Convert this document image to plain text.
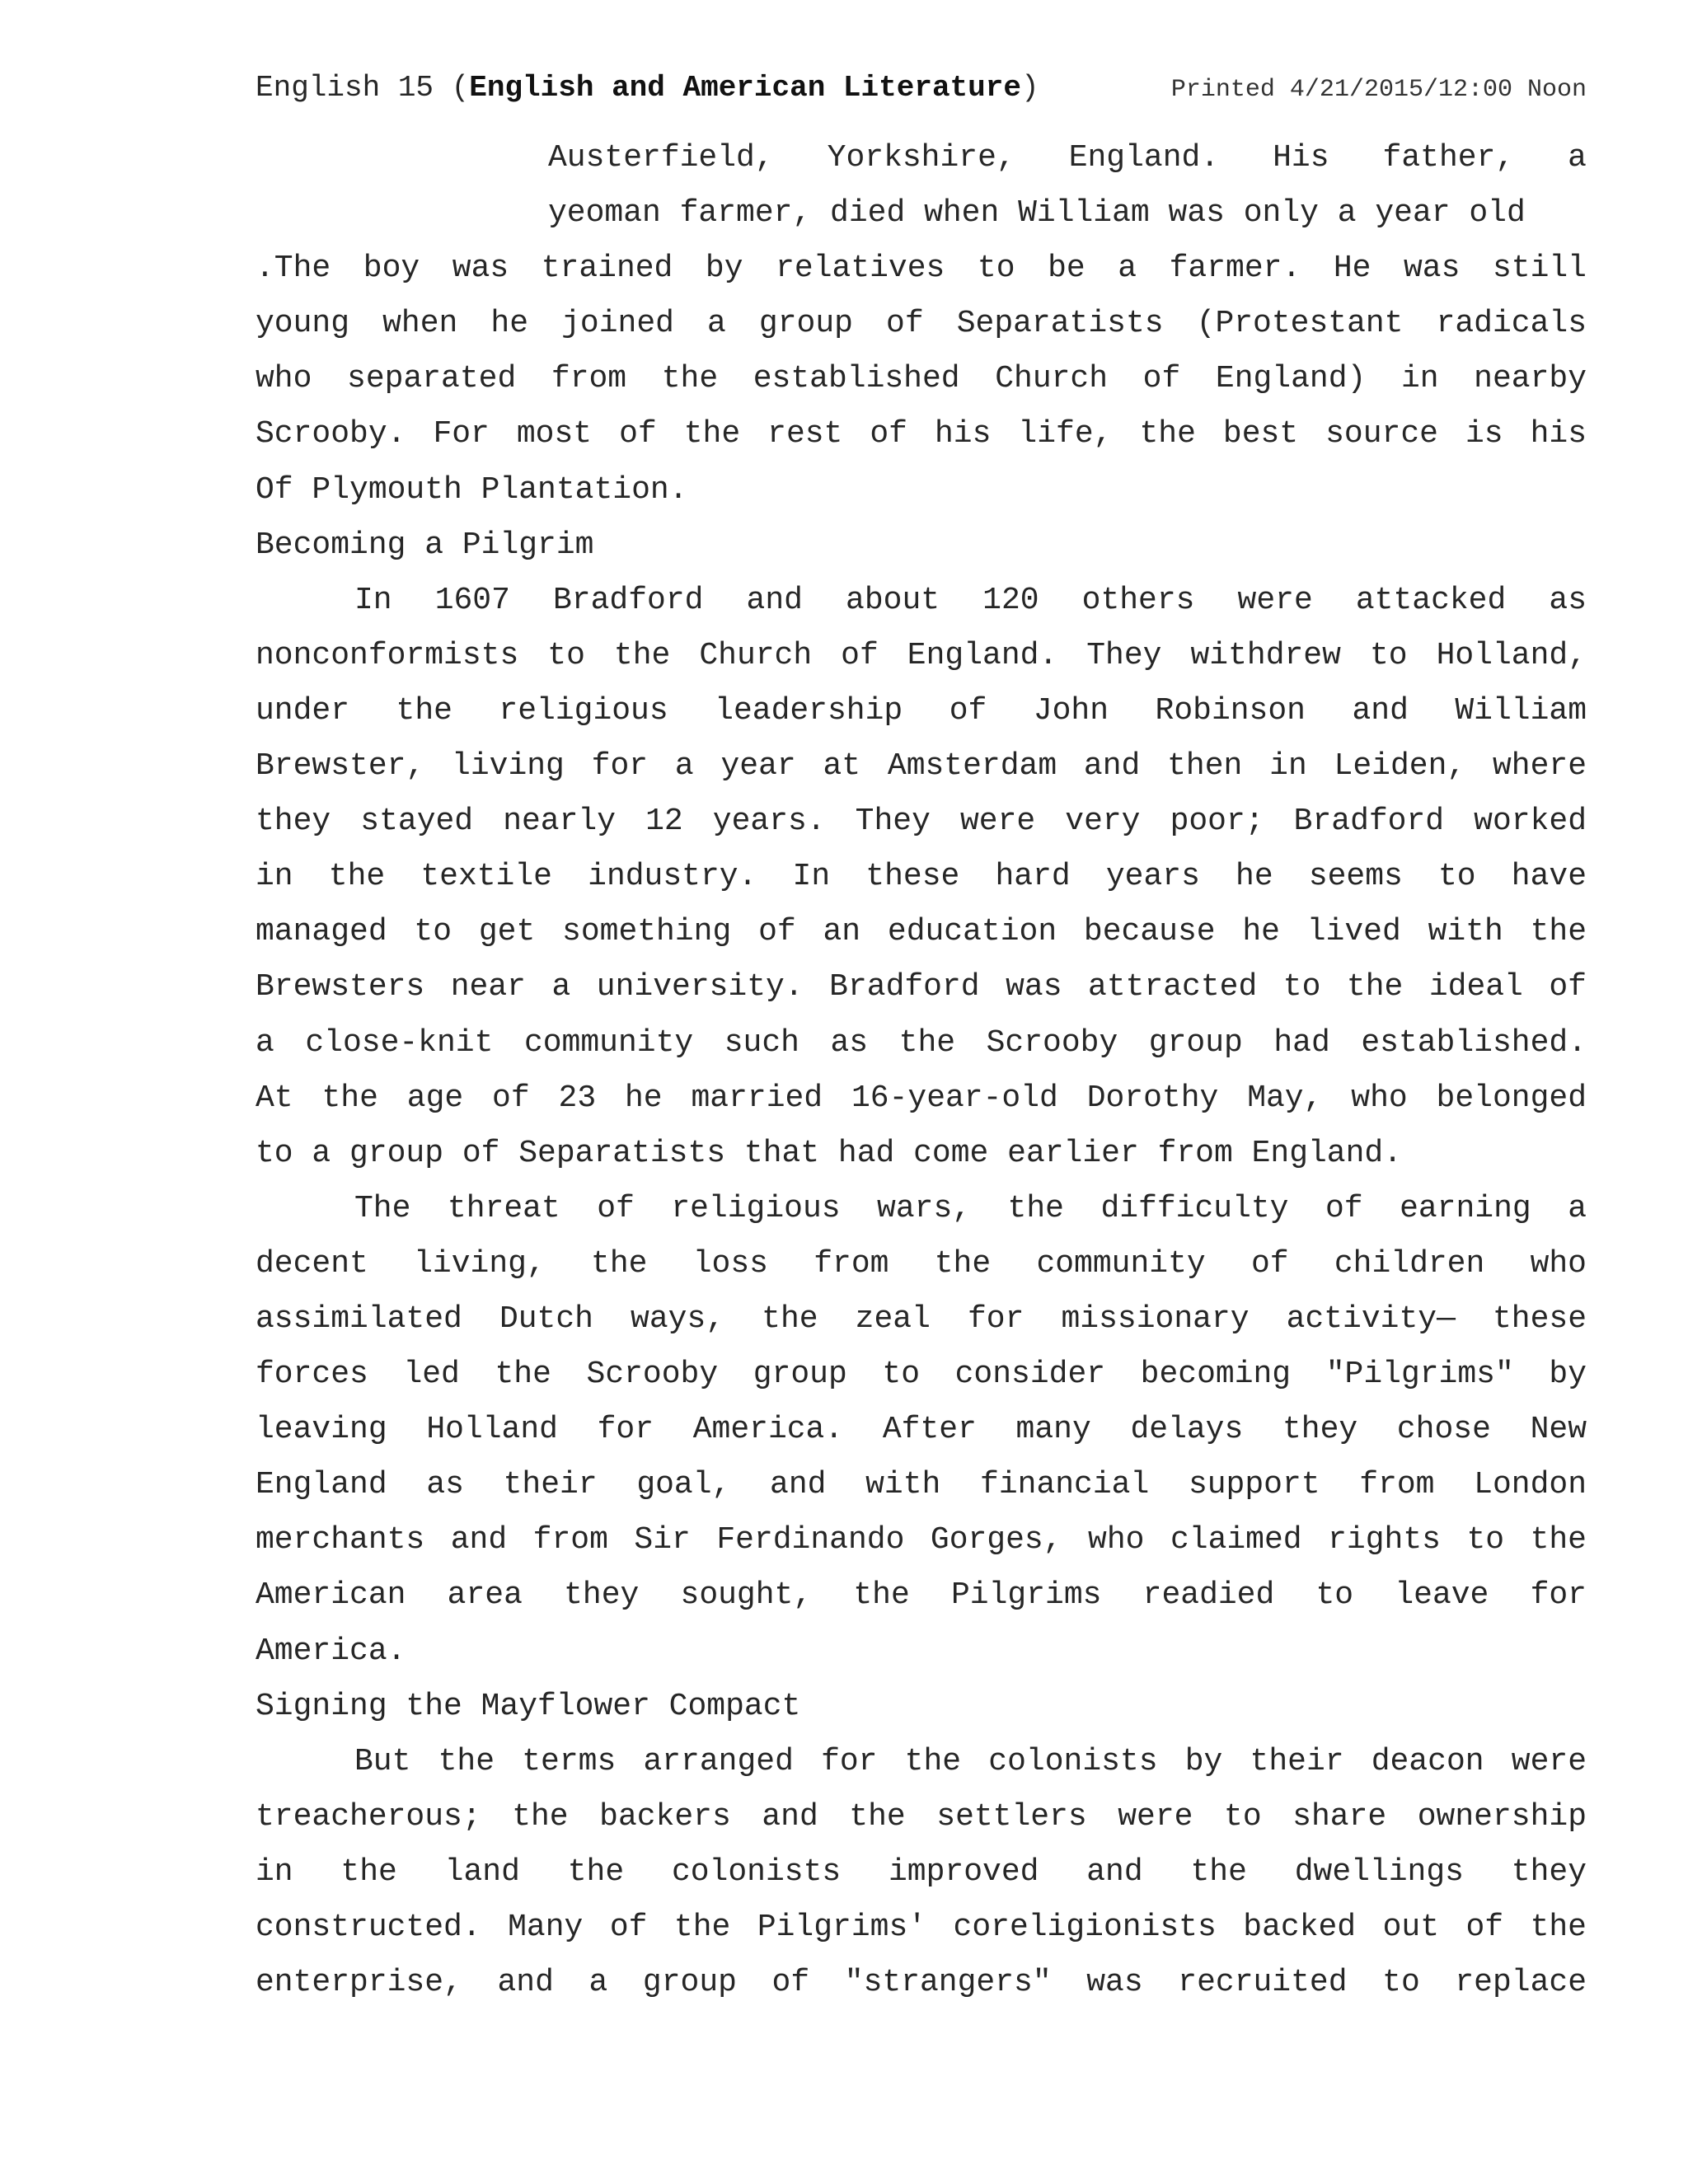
English 15 (English and American Literature)	Printed 4/21/2015/12:00 Noon
Austerfield, Yorkshire, England. His father, a
yeoman farmer, died when William was only a year old
.The boy was trained by relatives to be a farmer. He was still
young when he joined a group of Separatists (Protestant radicals
who separated from the established Church of England) in nearby
Scrooby. For most of the rest of his life, the best source is his
Of Plymouth Plantation.
Becoming a Pilgrim
In 1607 Bradford and about 120 others were attacked as
nonconformists to the Church of England. They withdrew to Holland,
under the religious leadership of John Robinson and William
Brewster, living for a year at Amsterdam and then in Leiden, where
they stayed nearly 12 years. They were very poor; Bradford worked
in the textile industry. In these hard years he seems to have
managed to get something of an education because he lived with the
Brewsters near a university. Bradford was attracted to the ideal of
a close-knit community such as the Scrooby group had established.
At the age of 23 he married 16-year-old Dorothy May, who belonged
to a group of Separatists that had come earlier from England.
The threat of religious wars, the difficulty of earning a
decent living, the loss from the community of children who
assimilated Dutch ways, the zeal for missionary activity— these
forces led the Scrooby group to consider becoming "Pilgrims" by
leaving Holland for America. After many delays they chose New
England as their goal, and with financial support from London
merchants and from Sir Ferdinando Gorges, who claimed rights to the
American area they sought, the Pilgrims readied to leave for
America.
Signing the Mayflower Compact
But the terms arranged for the colonists by their deacon were
treacherous; the backers and the settlers were to share ownership
in the land the colonists improved and the dwellings they
constructed. Many of the Pilgrims' coreligionists backed out of the
enterprise, and a group of "strangers" was recruited to replace
